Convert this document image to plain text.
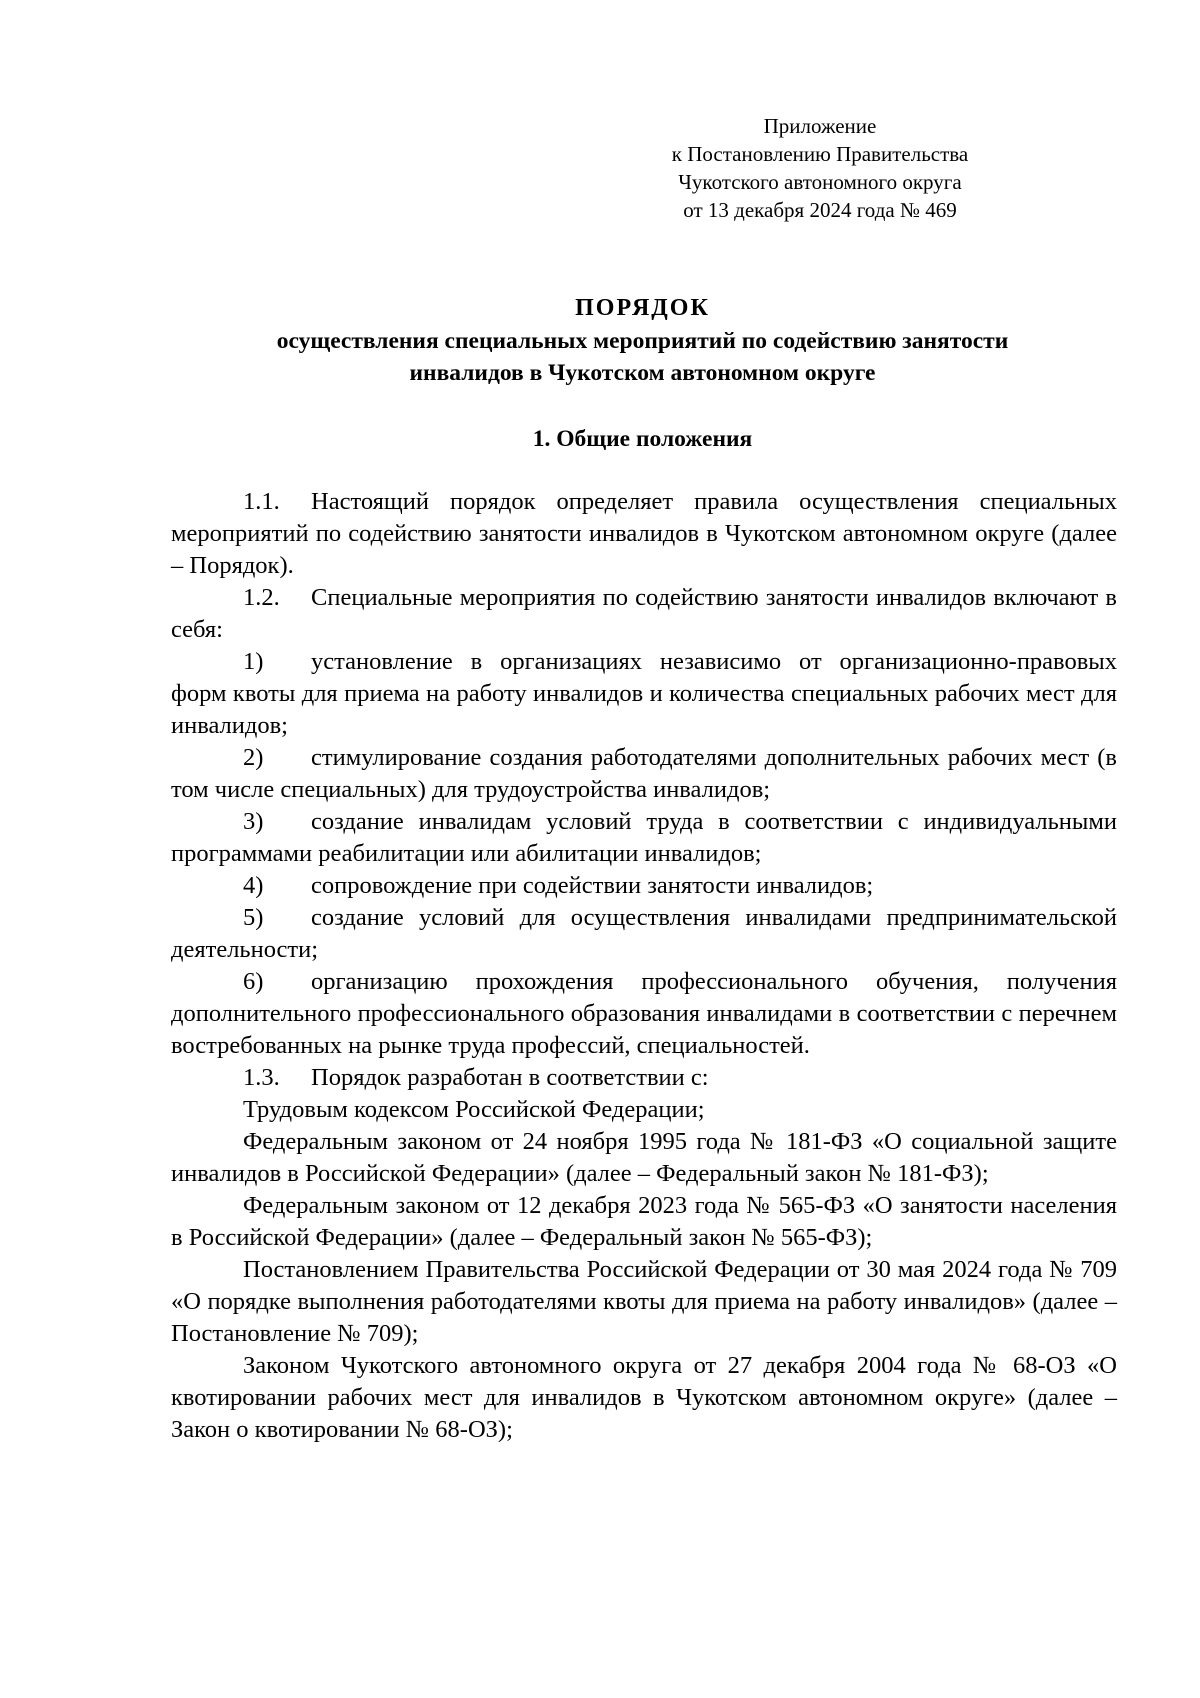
Приложение
к Постановлению Правительства
Чукотского автономного округа
от 13 декабря 2024 года № 469
ПОРЯДОК
осуществления специальных мероприятий по содействию занятости
инвалидов в Чукотском автономном округе
1. Общие положения

1.1. Настоящий порядок определяет правила осуществления специальных мероприятий по содействию занятости инвалидов в Чукотском автономном округе (далее – Порядок).

1.2. Специальные мероприятия по содействию занятости инвалидов включают в себя:

1) установление в организациях независимо от организационно-правовых форм квоты для приема на работу инвалидов и количества специальных рабочих мест для инвалидов;

2) стимулирование создания работодателями дополнительных рабочих мест (в том числе специальных) для трудоустройства инвалидов;

3) создание инвалидам условий труда в соответствии с индивидуальными программами реабилитации или абилитации инвалидов;

4) сопровождение при содействии занятости инвалидов;

5) создание условий для осуществления инвалидами предпринимательской деятельности;

6) организацию прохождения профессионального обучения, получения дополнительного профессионального образования инвалидами в соответствии с перечнем востребованных на рынке труда профессий, специальностей.

1.3. Порядок разработан в соответствии с:

Трудовым кодексом Российской Федерации;

Федеральным законом от 24 ноября 1995 года № 181-ФЗ «О социальной защите инвалидов в Российской Федерации» (далее – Федеральный закон № 181-ФЗ);

Федеральным законом от 12 декабря 2023 года № 565-ФЗ «О занятости населения в Российской Федерации» (далее – Федеральный закон № 565-ФЗ);

Постановлением Правительства Российской Федерации от 30 мая 2024 года № 709 «О порядке выполнения работодателями квоты для приема на работу инвалидов» (далее – Постановление № 709);

Законом Чукотского автономного округа от 27 декабря 2004 года № 68-ОЗ «О квотировании рабочих мест для инвалидов в Чукотском автономном округе» (далее – Закон о квотировании № 68-ОЗ);
